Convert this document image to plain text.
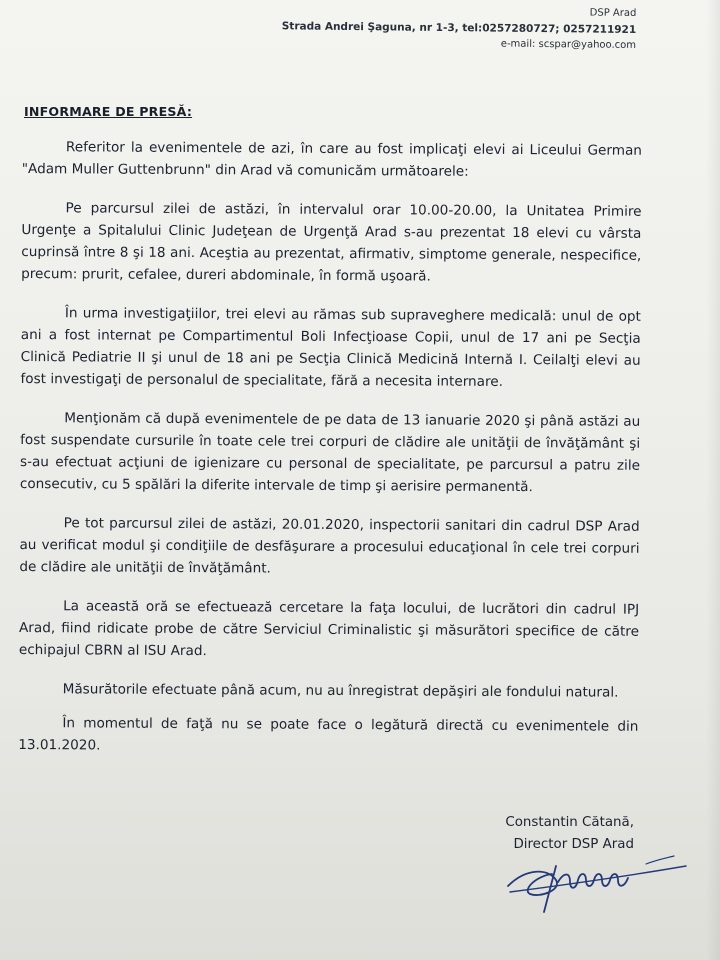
DSP Arad
Strada Andrei Şaguna, nr 1-3, tel:0257280727; 0257211921
e-mail: scspar@yahoo.com
INFORMARE DE PRESĂ:

Referitor la evenimentele de azi, în care au fost implicaţi elevi ai Liceului German "Adam Muller Guttenbrunn" din Arad vă comunicăm următoarele:

Pe parcursul zilei de astăzi, în intervalul orar 10.00-20.00, la Unitatea Primire Urgenţe a Spitalului Clinic Judeţean de Urgenţă Arad s-au prezentat 18 elevi cu vârsta cuprinsă între 8 şi 18 ani. Aceştia au prezentat, afirmativ, simptome generale, nespecifice, precum: prurit, cefalee, dureri abdominale, în formă uşoară.

În urma investigaţiilor, trei elevi au rămas sub supraveghere medicală: unul de opt ani a fost internat pe Compartimentul Boli Infecţioase Copii, unul de 17 ani pe Secţia Clinică Pediatrie II şi unul de 18 ani pe Secţia Clinică Medicină Internă I. Ceilalţi elevi au fost investigaţi de personalul de specialitate, fără a necesita internare.

Menţionăm că după evenimentele de pe data de 13 ianuarie 2020 şi până astăzi au fost suspendate cursurile în toate cele trei corpuri de clădire ale unităţii de învăţământ şi s-au efectuat acţiuni de igienizare cu personal de specialitate, pe parcursul a patru zile consecutiv, cu 5 spălări la diferite intervale de timp şi aerisire permanentă.

Pe tot parcursul zilei de astăzi, 20.01.2020, inspectorii sanitari din cadrul DSP Arad au verificat modul şi condiţiile de desfăşurare a procesului educaţional în cele trei corpuri de clădire ale unităţii de învăţământ.

La această oră se efectuează cercetare la faţa locului, de lucrători din cadrul IPJ Arad, fiind ridicate probe de către Serviciul Criminalistic şi măsurători specifice de către echipajul CBRN al ISU Arad.

Măsurătorile efectuate până acum, nu au înregistrat depăşiri ale fondului natural.

În momentul de faţă nu se poate face o legătură directă cu evenimentele din 13.01.2020.

Constantin Cătană,
Director DSP Arad
